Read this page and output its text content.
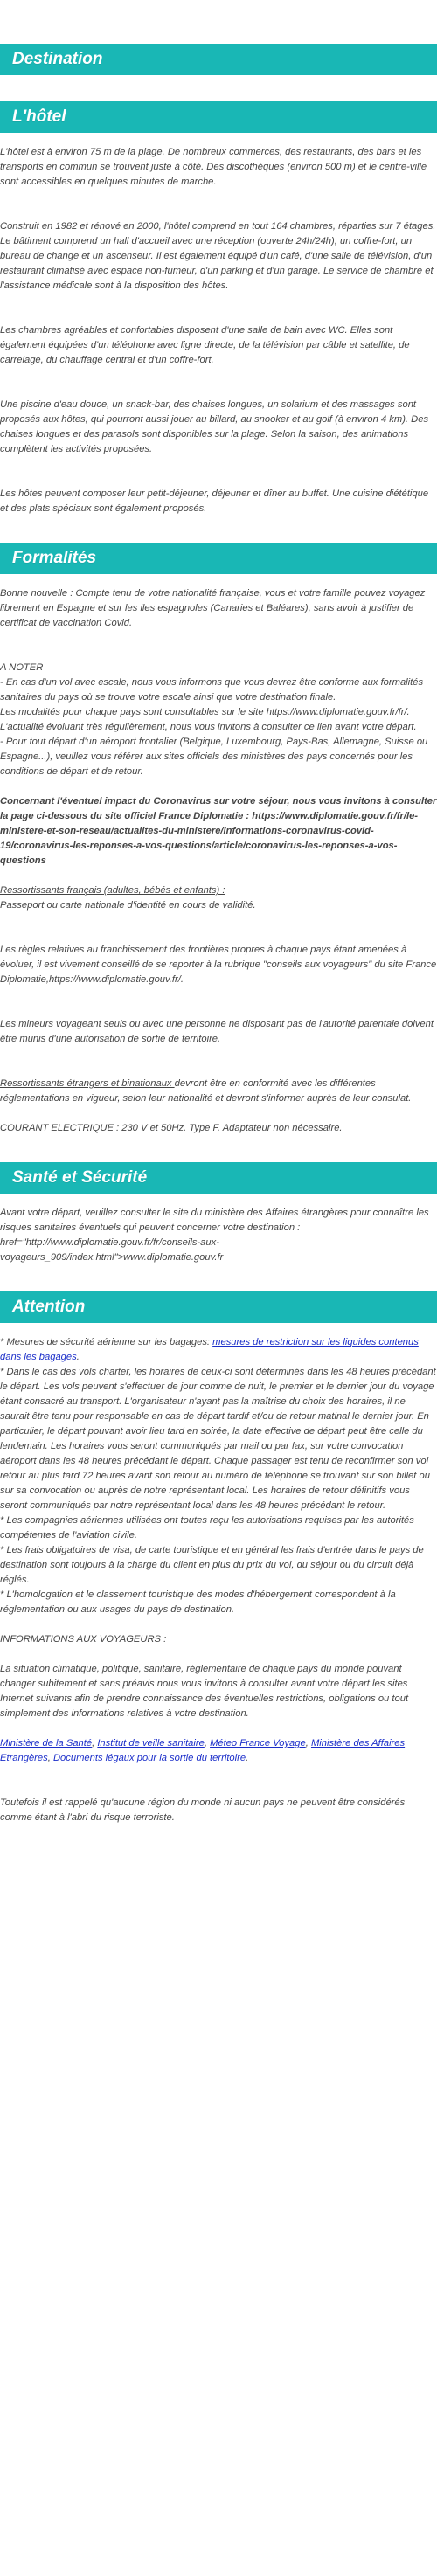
Destination
L'hôtel

L'hôtel est à environ 75 m de la plage. De nombreux commerces, des restaurants, des bars et les transports en commun se trouvent juste à côté. Des discothèques (environ 500 m) et le centre-ville sont accessibles en quelques minutes de marche.

Construit en 1982 et rénové en 2000, l'hôtel comprend en tout 164 chambres, réparties sur 7 étages. Le bâtiment comprend un hall d'accueil avec une réception (ouverte 24h/24h), un coffre-fort, un bureau de change et un ascenseur. Il est également équipé d'un café, d'une salle de télévision, d'un restaurant climatisé avec espace non-fumeur, d'un parking et d'un garage. Le service de chambre et l'assistance médicale sont à la disposition des hôtes.

Les chambres agréables et confortables disposent d'une salle de bain avec WC. Elles sont également équipées d'un téléphone avec ligne directe, de la télévision par câble et satellite, de carrelage, du chauffage central et d'un coffre-fort.

Une piscine d'eau douce, un snack-bar, des chaises longues, un solarium et des massages sont proposés aux hôtes, qui pourront aussi jouer au billard, au snooker et au golf (à environ 4 km). Des chaises longues et des parasols sont disponibles sur la plage. Selon la saison, des animations complètent les activités proposées.

Les hôtes peuvent composer leur petit-déjeuner, déjeuner et dîner au buffet. Une cuisine diététique et des plats spéciaux sont également proposés.

Formalités

Bonne nouvelle : Compte tenu de votre nationalité française, vous et votre famille pouvez voyagez librement en Espagne et sur les iles espagnoles (Canaries et Baléares), sans avoir à justifier de certificat de vaccination Covid.

A NOTER

- En cas d'un vol avec escale, nous vous informons que vous devrez être conforme aux formalités sanitaires du pays où se trouve votre escale ainsi que votre destination finale.

Les modalités pour chaque pays sont consultables sur le site https://www.diplomatie.gouv.fr/fr/. L'actualité évoluant très régulièrement, nous vous invitons à consulter ce lien avant votre départ.

- Pour tout départ d'un aéroport frontalier (Belgique, Luxembourg, Pays-Bas, Allemagne, Suisse ou Espagne...), veuillez vous référer aux sites officiels des ministères des pays concernés pour les conditions de départ et de retour.

Concernant l'éventuel impact du Coronavirus sur votre séjour, nous vous invitons à consulter la page ci-dessous du site officiel France Diplomatie : https://www.diplomatie.gouv.fr/fr/le-ministere-et-son-reseau/actualites-du-ministere/informations-coronavirus-covid-19/coronavirus-les-reponses-a-vos-questions/article/coronavirus-les-reponses-a-vos-questions

Ressortissants français (adultes, bébés et enfants) :

Passeport ou carte nationale d'identité en cours de validité.

Les règles relatives au franchissement des frontières propres à chaque pays étant amenées à évoluer, il est vivement conseillé de se reporter à la rubrique "conseils aux voyageurs" du site France Diplomatie,https://www.diplomatie.gouv.fr/.

Les mineurs voyageant seuls ou avec une personne ne disposant pas de l'autorité parentale doivent être munis d'une autorisation de sortie de territoire.

Ressortissants étrangers et binationaux devront être en conformité avec les différentes réglementations en vigueur, selon leur nationalité et devront s'informer auprès de leur consulat.

COURANT ELECTRIQUE : 230 V et 50Hz. Type F. Adaptateur non nécessaire.

Santé et Sécurité

Avant votre départ, veuillez consulter le site du ministère des Affaires étrangères pour connaître les risques sanitaires éventuels qui peuvent concerner votre destination : href="http://www.diplomatie.gouv.fr/fr/conseils-aux-voyageurs_909/index.html">www.diplomatie.gouv.fr

Attention

* Mesures de sécurité aérienne sur les bagages: mesures de restriction sur les liquides contenus dans les bagages.

* Dans le cas des vols charter, les horaires de ceux-ci sont déterminés dans les 48 heures précédant le départ. Les vols peuvent s'effectuer de jour comme de nuit, le premier et le dernier jour du voyage étant consacré au transport. L'organisateur n'ayant pas la maîtrise du choix des horaires, il ne saurait être tenu pour responsable en cas de départ tardif et/ou de retour matinal le dernier jour. En particulier, le départ pouvant avoir lieu tard en soirée, la date effective de départ peut être celle du lendemain. Les horaires vous seront communiqués par mail ou par fax, sur votre convocation aéroport dans les 48 heures précédant le départ. Chaque passager est tenu de reconfirmer son vol retour au plus tard 72 heures avant son retour au numéro de téléphone se trouvant sur son billet ou sur sa convocation ou auprès de notre représentant local. Les horaires de retour définitifs vous seront communiqués par notre représentant local dans les 48 heures précédant le retour.

* Les compagnies aériennes utilisées ont toutes reçu les autorisations requises par les autorités compétentes de l'aviation civile.

* Les frais obligatoires de visa, de carte touristique et en général les frais d'entrée dans le pays de destination sont toujours à la charge du client en plus du prix du vol, du séjour ou du circuit déjà réglés.

* L'homologation et le classement touristique des modes d'hébergement correspondent à la réglementation ou aux usages du pays de destination.

INFORMATIONS AUX VOYAGEURS :

La situation climatique, politique, sanitaire, réglementaire de chaque pays du monde pouvant changer subitement et sans préavis nous vous invitons à consulter avant votre départ les sites Internet suivants afin de prendre connaissance des éventuelles restrictions, obligations ou tout simplement des informations relatives à votre destination.

Ministère de la Santé, Institut de veille sanitaire, Méteo France Voyage, Ministère des Affaires Etrangères, Documents légaux pour la sortie du territoire.

Toutefois il est rappelé qu'aucune région du monde ni aucun pays ne peuvent être considérés comme étant à l'abri du risque terroriste.
